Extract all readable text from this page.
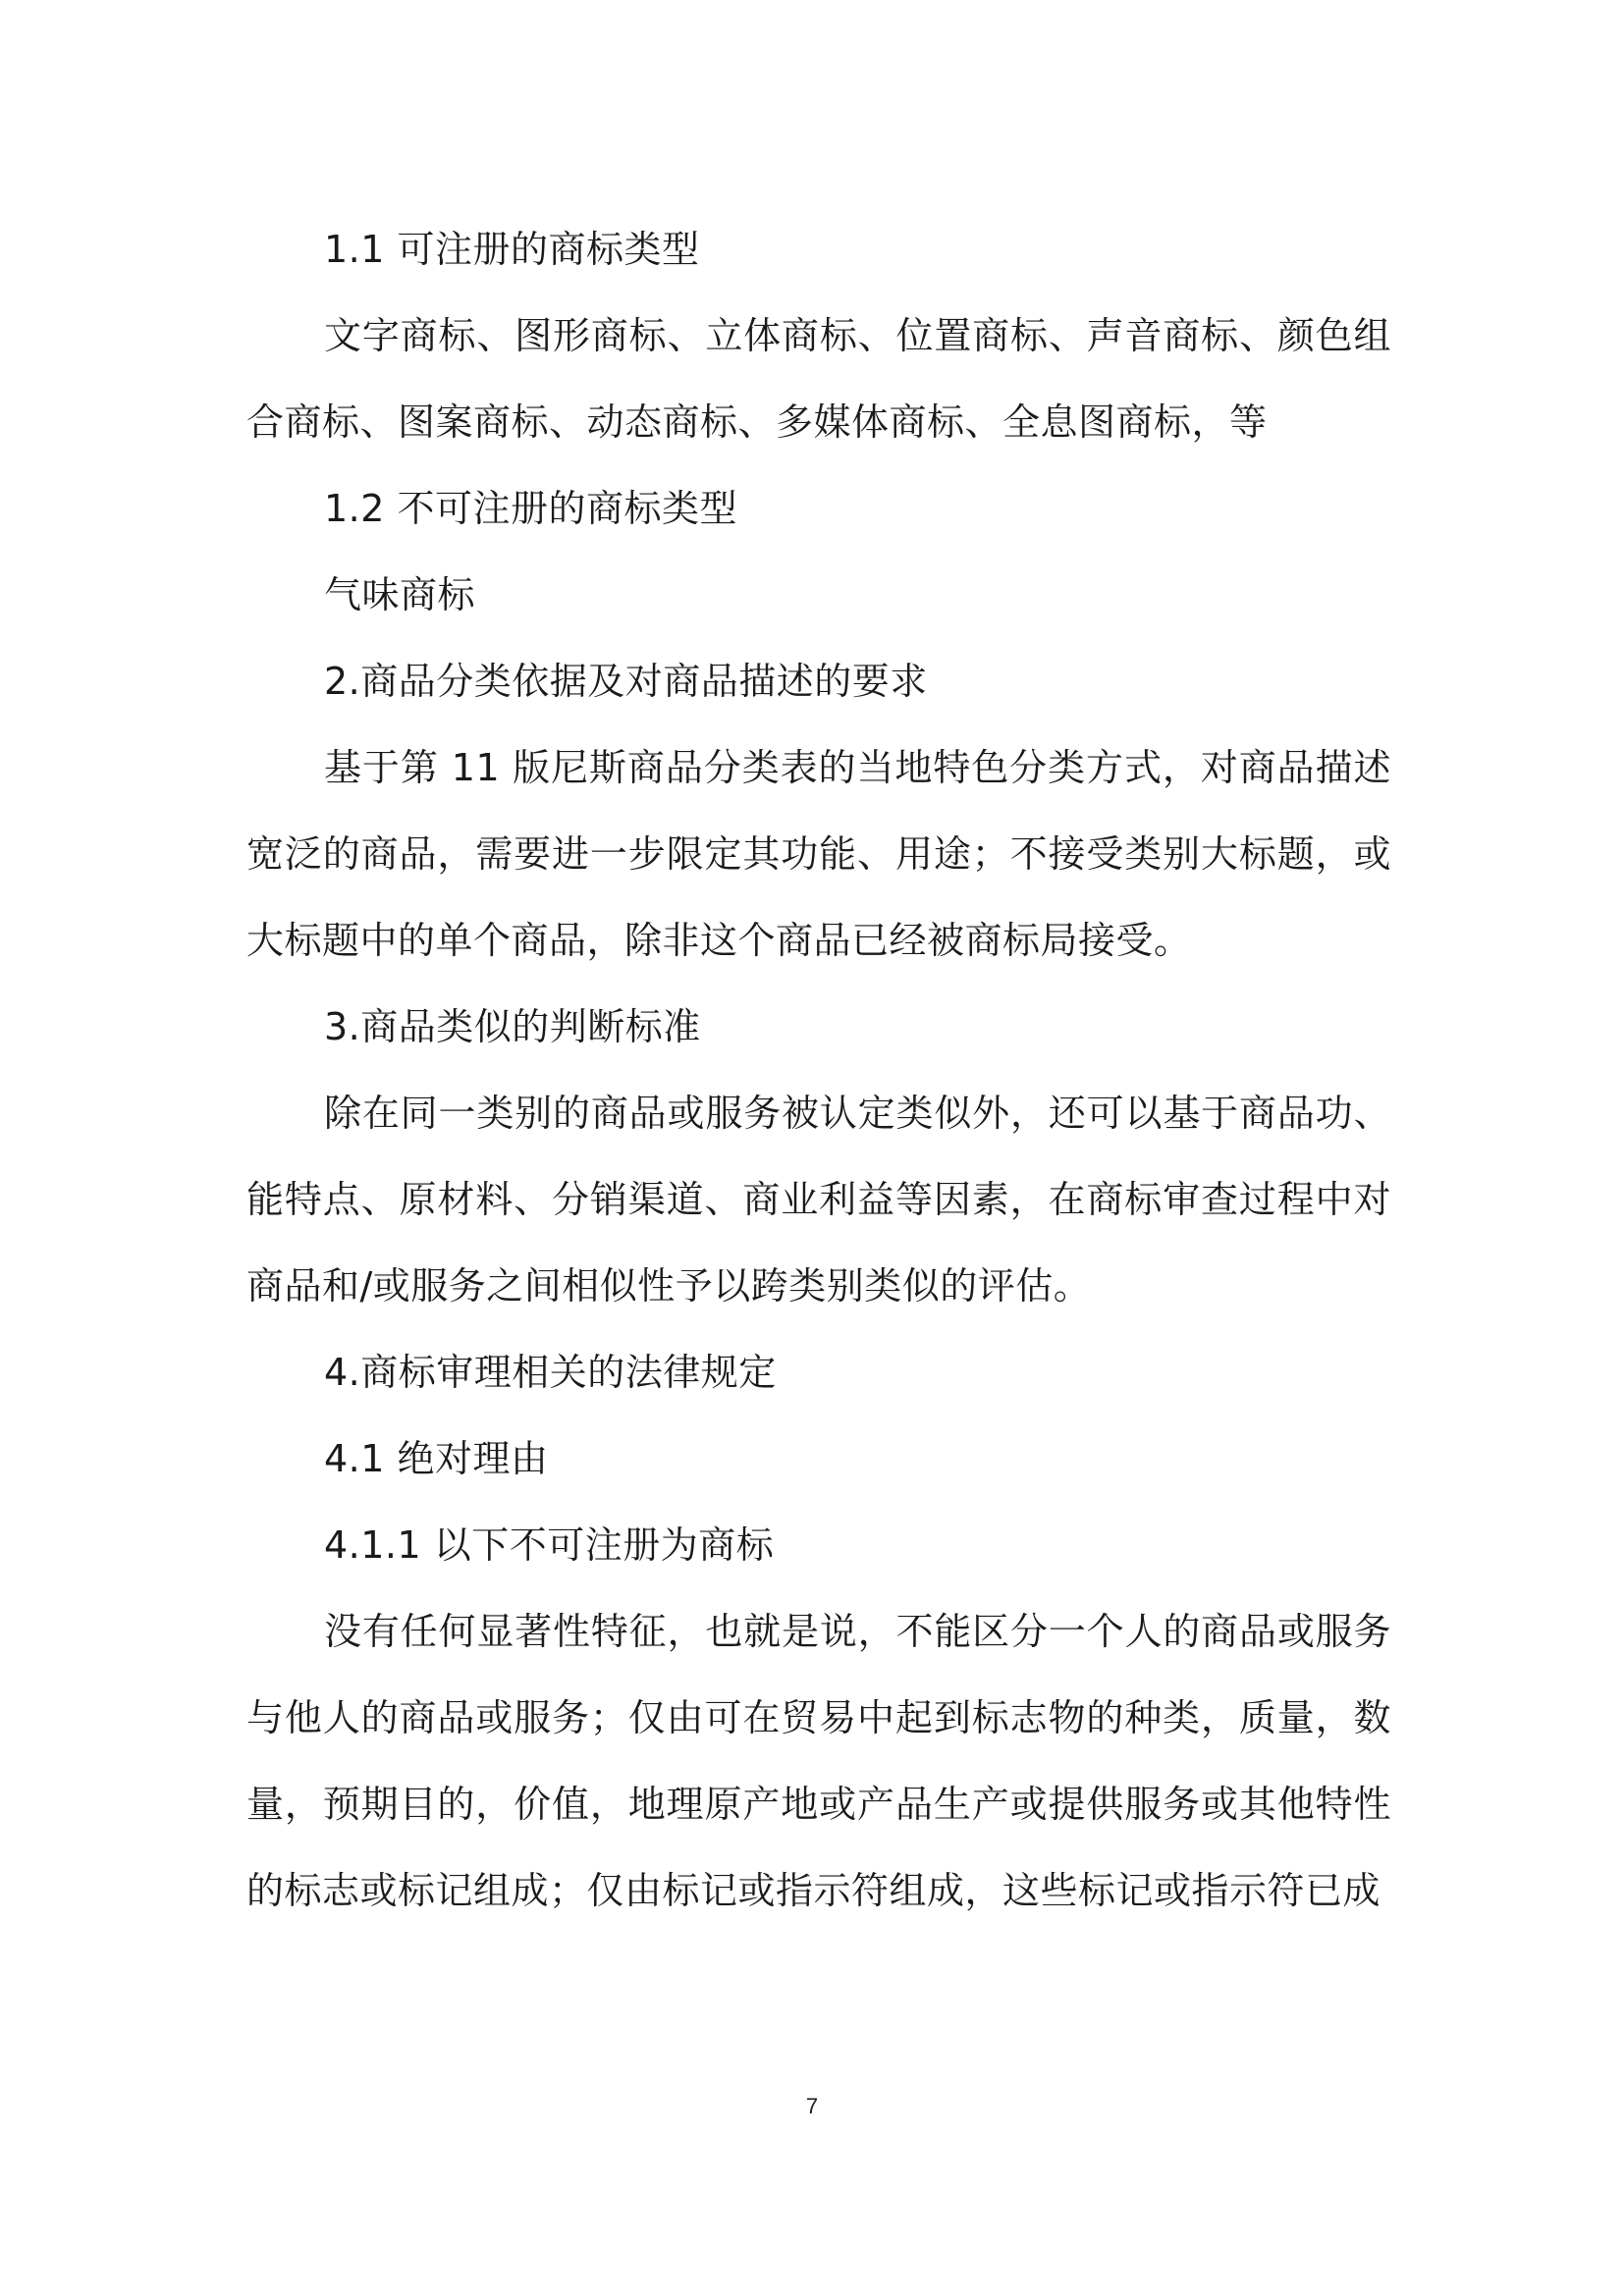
1.1 可注册的商标类型

文字商标、图形商标、立体商标、位置商标、声音商标、颜色组合商标、图案商标、动态商标、多媒体商标、全息图商标，等

1.2 不可注册的商标类型

气味商标

2.商品分类依据及对商品描述的要求

基于第 11 版尼斯商品分类表的当地特色分类方式，对商品描述宽泛的商品，需要进一步限定其功能、用途；不接受类别大标题，或大标题中的单个商品，除非这个商品已经被商标局接受。

3.商品类似的判断标准

除在同一类别的商品或服务被认定类似外，还可以基于商品功、能特点、原材料、分销渠道、商业利益等因素，在商标审查过程中对商品和/或服务之间相似性予以跨类别类似的评估。

4.商标审理相关的法律规定

4.1 绝对理由

4.1.1 以下不可注册为商标

没有任何显著性特征，也就是说，不能区分一个人的商品或服务与他人的商品或服务；仅由可在贸易中起到标志物的种类，质量，数量，预期目的，价值，地理原产地或产品生产或提供服务或其他特性的标志或标记组成；仅由标记或指示符组成，这些标记或指示符已成

7
